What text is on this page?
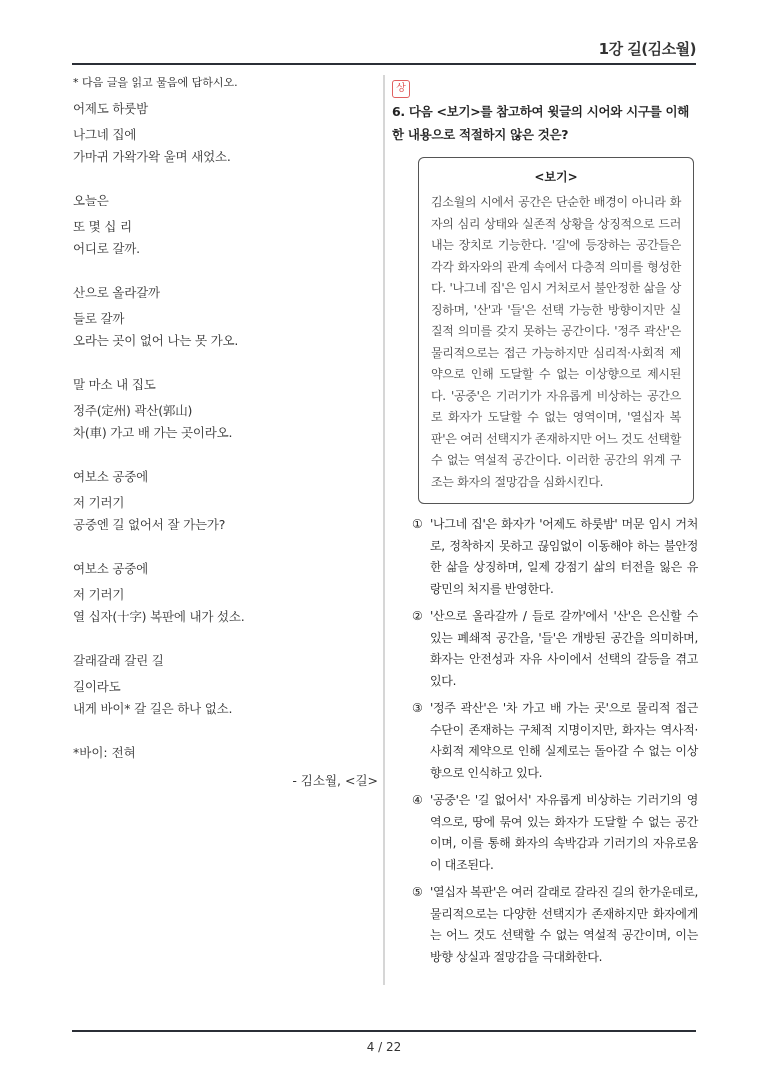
1강 길(김소월)
* 다음 글을 읽고 물음에 답하시오.
어제도 하룻밤
나그네 집에
가마귀 가왁가왁 울며 새었소.
오늘은
또 몇 십 리
어디로 갈까.
산으로 올라갈까
들로 갈까
오라는 곳이 없어 나는 못 가오.
말 마소 내 집도
정주(定州) 곽산(郭山)
차(車) 가고 배 가는 곳이라오.
여보소 공중에
저 기러기
공중엔 길 없어서 잘 가는가?
여보소 공중에
저 기러기
열 십자(十字) 복판에 내가 섰소.
갈래갈래 갈린 길
길이라도
내게 바이* 갈 길은 하나 없소.
*바이: 전혀
- 김소월, <길>
상
6. 다음 <보기>를 참고하여 윗글의 시어와 시구를 이해한 내용으로 적절하지 않은 것은?
<보기>
김소월의 시에서 공간은 단순한 배경이 아니라 화자의 심리 상태와 실존적 상황을 상징적으로 드러내는 장치로 기능한다. '길'에 등장하는 공간들은 각각 화자와의 관계 속에서 다층적 의미를 형성한다. '나그네 집'은 임시 거처로서 불안정한 삶을 상징하며, '산'과 '들'은 선택 가능한 방향이지만 실질적 의미를 갖지 못하는 공간이다. '정주 곽산'은 물리적으로는 접근 가능하지만 심리적·사회적 제약으로 인해 도달할 수 없는 이상향으로 제시된다. '공중'은 기러기가 자유롭게 비상하는 공간으로 화자가 도달할 수 없는 영역이며, '열십자 복판'은 여러 선택지가 존재하지만 어느 것도 선택할 수 없는 역설적 공간이다. 이러한 공간의 위계 구조는 화자의 절망감을 심화시킨다.
① '나그네 집'은 화자가 '어제도 하룻밤' 머문 임시 거처로, 정착하지 못하고 끊임없이 이동해야 하는 불안정한 삶을 상징하며, 일제 강점기 삶의 터전을 잃은 유랑민의 처지를 반영한다.
② '산으로 올라갈까 / 들로 갈까'에서 '산'은 은신할 수 있는 폐쇄적 공간을, '들'은 개방된 공간을 의미하며, 화자는 안전성과 자유 사이에서 선택의 갈등을 겪고 있다.
③ '정주 곽산'은 '차 가고 배 가는 곳'으로 물리적 접근 수단이 존재하는 구체적 지명이지만, 화자는 역사적·사회적 제약으로 인해 실제로는 돌아갈 수 없는 이상향으로 인식하고 있다.
④ '공중'은 '길 없어서' 자유롭게 비상하는 기러기의 영역으로, 땅에 묶여 있는 화자가 도달할 수 없는 공간이며, 이를 통해 화자의 속박감과 기러기의 자유로움이 대조된다.
⑤ '열십자 복판'은 여러 갈래로 갈라진 길의 한가운데로, 물리적으로는 다양한 선택지가 존재하지만 화자에게는 어느 것도 선택할 수 없는 역설적 공간이며, 이는 방향 상실과 절망감을 극대화한다.
4 / 22
